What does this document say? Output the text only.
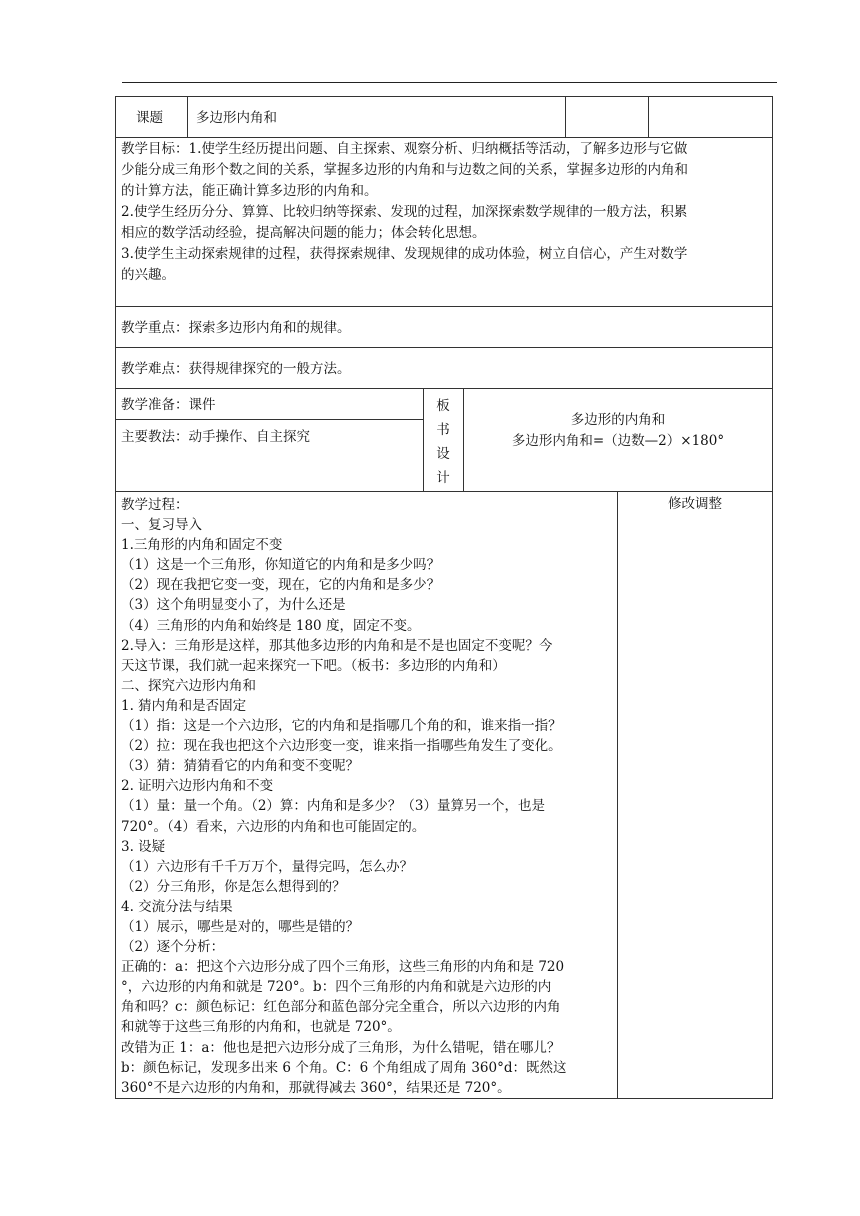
课题 多边形内角和
教学目标：1.使学生经历提出问题、自主探索、观察分析、归纳概括等活动，了解多边形与它做
少能分成三角形个数之间的关系，掌握多边形的内角和与边数之间的关系，掌握多边形的内角和
的计算方法，能正确计算多边形的内角和。
2.使学生经历分分、算算、比较归纳等探索、发现的过程，加深探索数学规律的一般方法，积累
相应的数学活动经验，提高解决问题的能力；体会转化思想。
3.使学生主动探索规律的过程，获得探索规律、发现规律的成功体验，树立自信心，产生对数学
的兴趣。
教学重点：探索多边形内角和的规律。
教学难点：获得规律探究的一般方法。
教学准备：课件
主要教法：动手操作、自主探究
板
书
设
计
多边形的内角和
多边形内角和=（边数—2）×180°
修改调整
教学过程：
一、复习导入
1.三角形的内角和固定不变
（1）这是一个三角形，你知道它的内角和是多少吗？
（2）现在我把它变一变，现在，它的内角和是多少？
（3）这个角明显变小了，为什么还是
（4）三角形的内角和始终是 180 度，固定不变。
2.导入：三角形是这样，那其他多边形的内角和是不是也固定不变呢？今
天这节课，我们就一起来探究一下吧。（板书：多边形的内角和）
二、探究六边形内角和
1. 猜内角和是否固定
（1）指：这是一个六边形，它的内角和是指哪几个角的和，谁来指一指？
（2）拉：现在我也把这个六边形变一变，谁来指一指哪些角发生了变化。
（3）猜：猜猜看它的内角和变不变呢？
2. 证明六边形内角和不变
（1）量：量一个角。（2）算：内角和是多少？（3）量算另一个，也是
720°。（4）看来，六边形的内角和也可能固定的。
3. 设疑
（1）六边形有千千万万个，量得完吗，怎么办？
（2）分三角形，你是怎么想得到的？
4. 交流分法与结果
（1）展示，哪些是对的，哪些是错的？
（2）逐个分析：
正确的：a：把这个六边形分成了四个三角形，这些三角形的内角和是 720
°，六边形的内角和就是 720°。b：四个三角形的内角和就是六边形的内
角和吗？c：颜色标记：红色部分和蓝色部分完全重合，所以六边形的内角
和就等于这些三角形的内角和，也就是 720°。
改错为正 1：a：他也是把六边形分成了三角形，为什么错呢，错在哪儿？
b：颜色标记，发现多出来 6 个角。C：6 个角组成了周角 360°d：既然这
360°不是六边形的内角和，那就得减去 360°，结果还是 720°。
